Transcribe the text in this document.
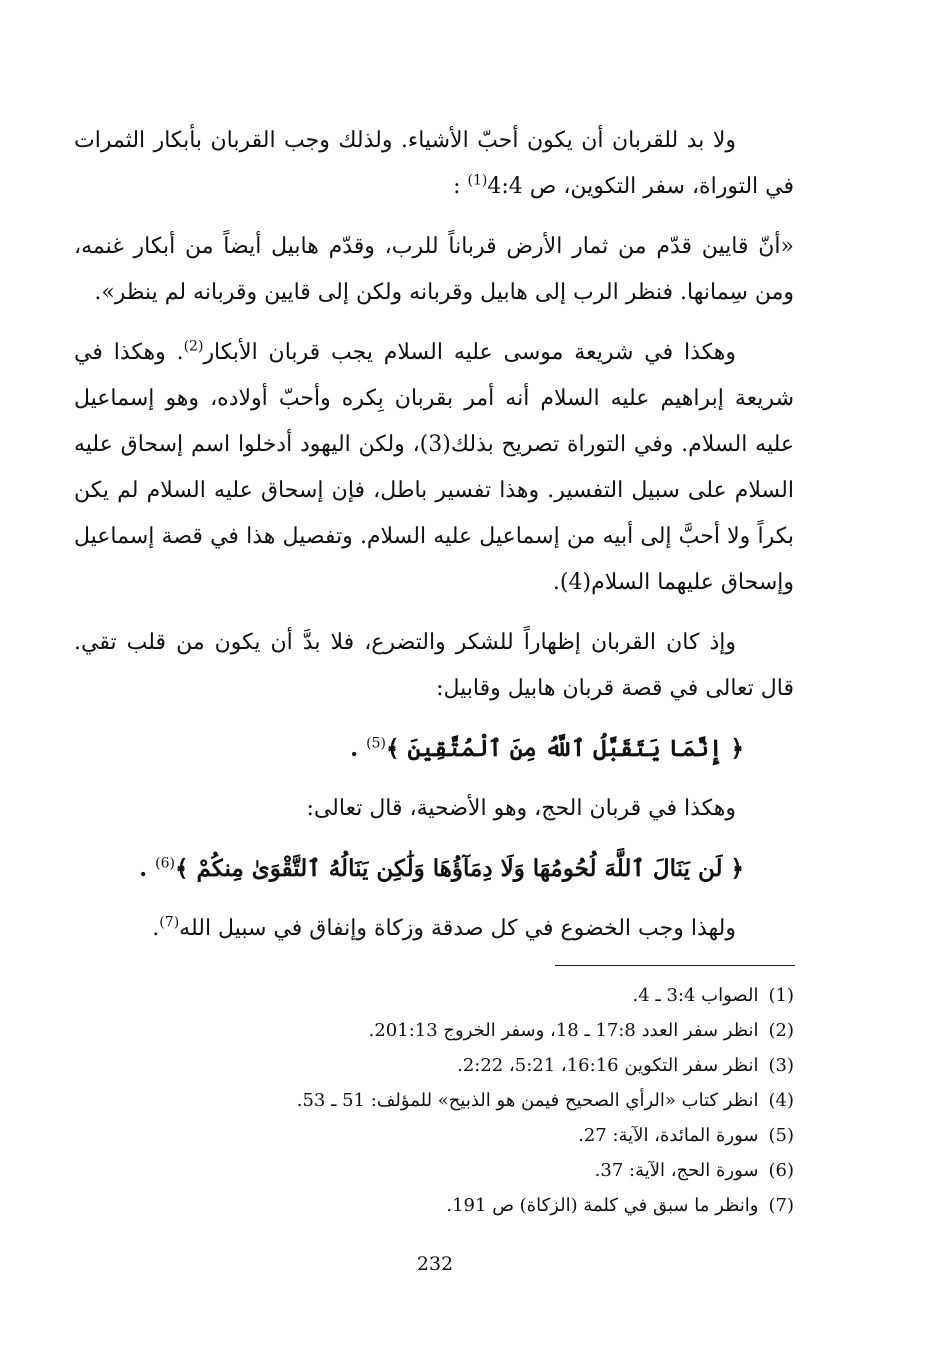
ولا بد للقربان أن يكون أحبّ الأشياء. ولذلك وجب القربان بأبكار الثمرات في التوراة، سفر التكوين، ص 4:4$^{(1)}$ :

«أنّ قايين قدّم من ثمار الأرض قرباناً للرب، وقدّم هابيل أيضاً من أبكار غنمه، ومن سِمانها. فنظر الرب إلى هابيل وقربانه ولكن إلى قايين وقربانه لم ينظر».

وهكذا في شريعة موسى عليه السلام يجب قربان الأبكار$^{(2)}$. وهكذا في شريعة إبراهيم عليه السلام أنه أمر بقربان بِكره وأحبّ أولاده، وهو إسماعيل عليه السلام. وفي التوراة تصريح بذلك(3)، ولكن اليهود أدخلوا اسم إسحاق عليه السلام على سبيل التفسير. وهذا تفسير باطل، فإن إسحاق عليه السلام لم يكن بكراً ولا أحبَّ إلى أبيه من إسماعيل عليه السلام. وتفصيل هذا في قصة إسماعيل وإسحاق عليهما السلام(4).

وإذ كان القربان إظهاراً للشكر والتضرع، فلا بدَّ أن يكون من قلب تقي. قال تعالى في قصة قربان هابيل وقابيل:

﴿ إِنَّمَا يَتَقَبَّلُ ٱللَّهُ مِنَ ٱلْمُتَّقِينَ ﴾$^{(5)}$ .

وهكذا في قربان الحج، وهو الأضحية، قال تعالى:

﴿ لَن يَنَالَ ٱللَّهَ لُحُومُهَا وَلَا دِمَآؤُهَا وَلَٰكِن يَنَالُهُ ٱلتَّقْوَىٰ مِنكُمْ ﴾$^{(6)}$ .

ولهذا وجب الخضوع في كل صدقة وزكاة وإنفاق في سبيل الله$^{(7)}$.

(1)الصواب 3:4 ـ 4.
(2)انظر سفر العدد 17:8 ـ 18، وسفر الخروج 201:13.
(3)انظر سفر التكوين 16:16، 5:21، 2:22.
(4)انظر كتاب «الرأي الصحيح فيمن هو الذبيح» للمؤلف: 51 ـ 53.
(5)سورة المائدة، الآية: 27.
(6)سورة الحج، الآية: 37.
(7)وانظر ما سبق في كلمة (الزكاة) ص 191.
232
